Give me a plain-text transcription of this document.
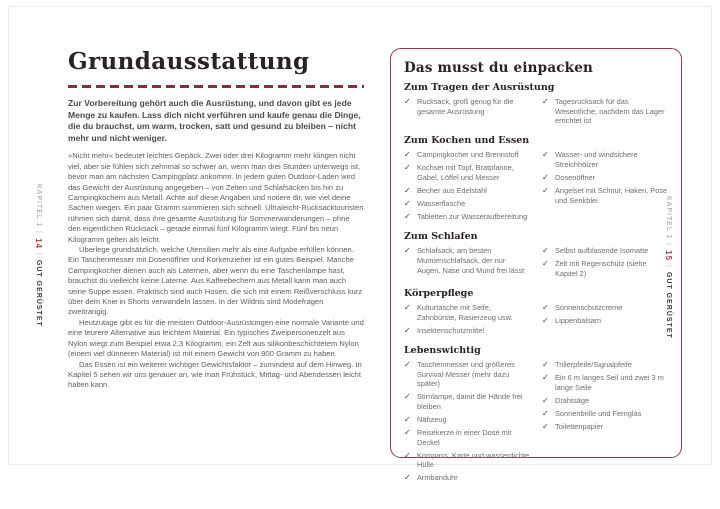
KAPITEL 1|14|GUT GERÜSTET
Grundausstattung
Zur Vorbereitung gehört auch die Ausrüstung, und davon gibt es jede Menge zu kaufen. Lass dich nicht verführen und kaufe genau die Dinge, die du brauchst, um warm, trocken, satt und gesund zu bleiben – nicht mehr und nicht weniger.

»Nicht mehr« bedeutet leichtes Gepäck. Zwei oder drei Kilogramm mehr klingen nicht viel, aber sie fühlen sich zehnmal so schwer an, wenn man drei Stunden unterwegs ist, bevor man am nächsten Campingplatz ankommt. In jedem guten Outdoor-Laden wird das Gewicht der Ausrüstung angegeben – von Zelten und Schlafsäcken bis hin zu Campingkochern aus Metall. Achte auf diese Angaben und notiere dir, wie viel deine Sachen wiegen. Ein paar Gramm summieren sich schnell. Ultraleicht-Rucksacktouristen rühmen sich damit, dass ihre gesamte Ausrüstung für Sommerwanderungen – ohne den eigentlichen Rucksack – gerade einmal fünf Kilogramm wiegt. Fünf bis neun Kilogramm gelten als leicht.

Überlege grundsätzlich, welche Utensilien mehr als eine Aufgabe erfüllen können. Ein Taschenmesser mit Dosenöffner und Korkenzieher ist ein gutes Beispiel. Manche Campingkocher dienen auch als Laternen, aber wenn du eine Taschenlampe hast, brauchst du vielleicht keine Laterne. Aus Kaffeebechern aus Metall kann man auch seine Suppe essen. Praktisch sind auch Hosen, die sich mit einem Reißverschluss kurz über dem Knie in Shorts verwandeln lassen. In der Wildnis sind Modefragen zweitrangig.

Heutzutage gibt es für die meisten Outdoor-Ausrüstungen eine normale Variante und eine teurere Alternative aus leichtem Material. Ein typisches Zweipersonenzelt aus Nylon wiegt zum Beispiel etwa 2,3 Kilogramm, ein Zelt aus silikonbeschichtetem Nylon (einem viel dünneren Material) ist mit einem Gewicht von 900 Gramm zu haben.

Das Essen ist ein weiterer wichtiger Gewichtsfaktor – zumindest auf dem Hinweg. In Kapitel 5 sehen wir uns genauer an, wie man Frühstück, Mittag- und Abendessen leicht halten kann.

Das musst du einpacken
Zum Tragen der Ausrüstung
✓ Rucksack, groß genug für die gesamte Ausrüstung
✓ Tagesrucksack für das Wesentliche, nachdem das Lager errichtet ist
Zum Kochen und Essen
✓ Campingkocher und Brennstoff
✓ Kochset mit Topf, Bratpfanne, Gabel, Löffel und Messer
✓ Becher aus Edelstahl
✓ Wasserflasche
✓ Tabletten zur Wasseraufbereitung
✓ Wasser- und windsichere Streichhölzer
✓ Dosenöffner
✓ Angelset mit Schnur, Haken, Pose und Senkblei
Zum Schlafen
✓ Schlafsack, am besten Mumienschlafsack, der nur Augen, Nase und Mund frei lässt
✓ Selbst aufblasende Isomatte
✓ Zelt mit Regenschutz (siehe Kapitel 2)
Körperpflege
✓ Kulturtasche mit Seife, Zahnbürste, Rasierzeug usw.
✓ Insektenschutzmittel
✓ Sonnenschutzcreme
✓ Lippenbalsam
Lebenswichtig
✓ Taschenmesser und größeres Survival-Messer (mehr dazu später)
✓ Stirnlampe, damit die Hände frei bleiben
✓ Nähzeug
✓ Reisekerze in einer Dose mit Deckel
✓ Kompass, Karte und wasserdichte Hülle
✓ Armbanduhr
✓ Trillerpfeife/Signalpfeife
✓ Ein 6 m langes Seil und zwei 3 m lange Seile
✓ Drahtsäge
✓ Sonnenbrille und Fernglas
✓ Toilettenpapier
KAPITEL 1|15|GUT GERÜSTET
